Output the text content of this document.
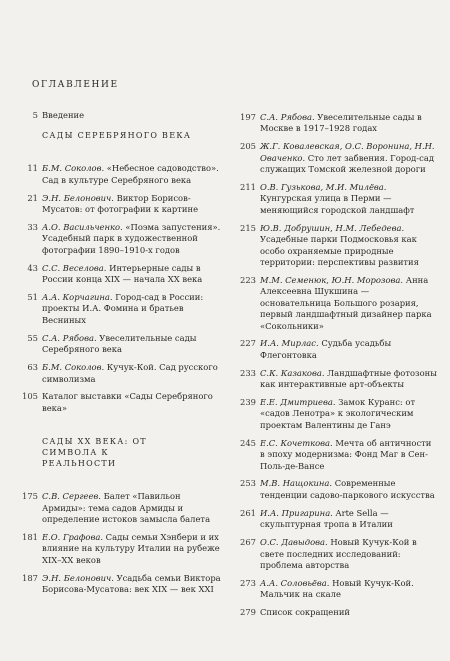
ОГЛАВЛЕНИЕ
5 Введение
САДЫ СЕРЕБРЯНОГО ВЕКА
11 Б.М. Соколов. «Небесное садоводство». Сад в культуре Серебряного века
21 Э.Н. Белонович. Виктор Борисов-Мусатов: от фотографии к картине
33 А.О. Васильченко. «Поэма запустения». Усадебный парк в художественной фотографии 1890–1910-х годов
43 С.С. Веселова. Интерьерные сады в России конца XIX — начала XX века
51 А.А. Корчагина. Город-сад в России: проекты И.А. Фомина и братьев Весниных
55 С.А. Рябова. Увеселительные сады Серебряного века
63 Б.М. Соколов. Кучук-Кой. Сад русского символизма
105 Каталог выставки «Сады Серебряного века»
САДЫ XX ВЕКА: ОТ СИМВОЛА К РЕАЛЬНОСТИ
175 С.В. Сергеев. Балет «Павильон Армиды»: тема садов Армиды и определение истоков замысла балета
181 Е.О. Графова. Сады семьи Хэнбери и их влияние на культуру Италии на рубеже XIX–XX веков
187 Э.Н. Белонович. Усадьба семьи Виктора Борисова-Мусатова: век XIX — век XXI
197 С.А. Рябова. Увеселительные сады в Москве в 1917–1928 годах
205 Ж.Г. Ковалевская, О.С. Воронина, Н.Н. Оваченко. Сто лет забвения. Город-сад служащих Томской железной дороги
211 О.В. Гузькова, М.И. Милёва. Кунгурская улица в Перми — меняющийся городской ландшафт
215 Ю.В. Добрушин, Н.М. Лебедева. Усадебные парки Подмосковья как особо охраняемые природные территории: перспективы развития
223 М.М. Семенюк, Ю.Н. Морозова. Анна Алексеевна Шукшина — основательница Большого розария, первый ландшафтный дизайнер парка «Сокольники»
227 И.А. Мирлас. Судьба усадьбы Флегонтовка
233 С.К. Казакова. Ландшафтные фотозоны как интерактивные арт-объекты
239 Е.Е. Дмитриева. Замок Куранс: от «садов Ленотра» к экологическим проектам Валентины де Ганэ
245 Е.С. Кочеткова. Мечта об античности в эпоху модернизма: Фонд Маг в Сен-Поль-де-Вансе
253 М.В. Нащокина. Современные тенденции садово-паркового искусства
261 И.А. Пригарина. Arte Sella — скульптурная тропа в Италии
267 О.С. Давыдова. Новый Кучук-Кой в свете последних исследований: проблема авторства
273 А.А. Соловьёва. Новый Кучук-Кой. Мальчик на скале
279 Список сокращений
